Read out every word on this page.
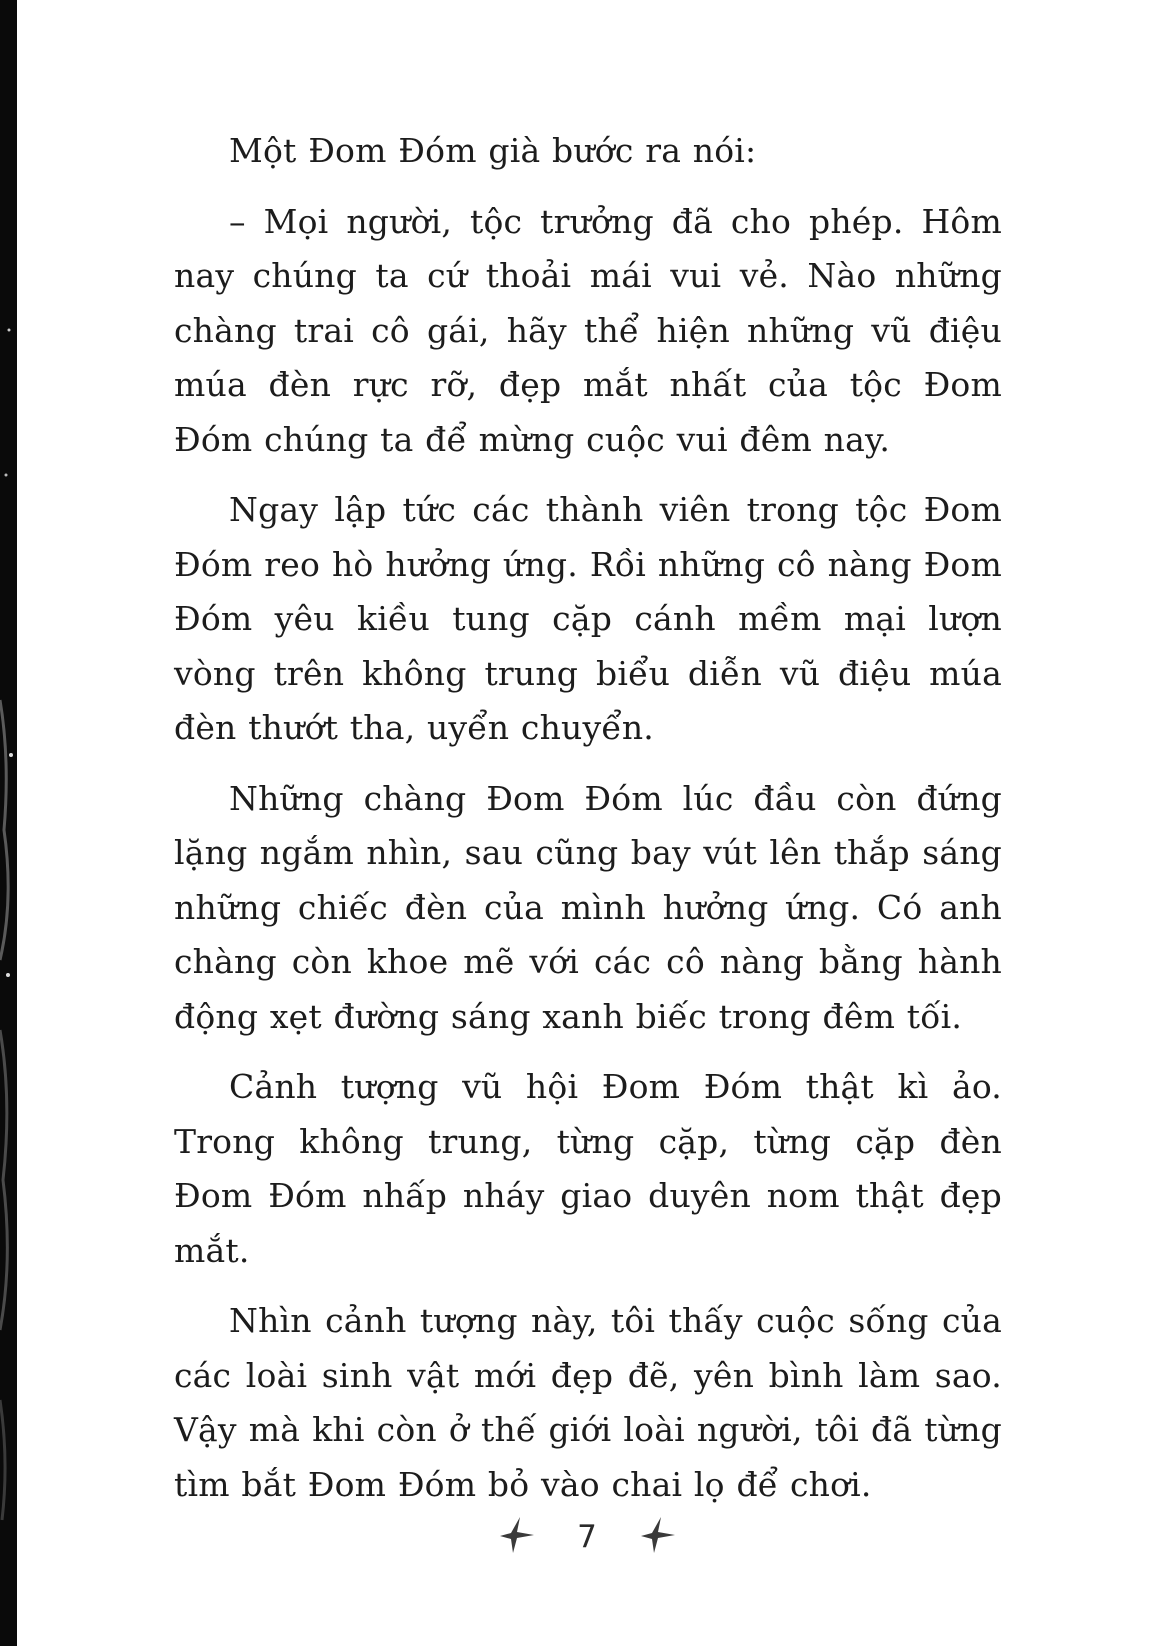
Một Đom Đóm già bước ra nói:

– Mọi người, tộc trưởng đã cho phép. Hôm nay chúng ta cứ thoải mái vui vẻ. Nào những chàng trai cô gái, hãy thể hiện những vũ điệu múa đèn rực rỡ, đẹp mắt nhất của tộc Đom Đóm chúng ta để mừng cuộc vui đêm nay.

Ngay lập tức các thành viên trong tộc Đom Đóm reo hò hưởng ứng. Rồi những cô nàng Đom Đóm yêu kiều tung cặp cánh mềm mại lượn vòng trên không trung biểu diễn vũ điệu múa đèn thướt tha, uyển chuyển.

Những chàng Đom Đóm lúc đầu còn đứng lặng ngắm nhìn, sau cũng bay vút lên thắp sáng những chiếc đèn của mình hưởng ứng. Có anh chàng còn khoe mẽ với các cô nàng bằng hành động xẹt đường sáng xanh biếc trong đêm tối.

Cảnh tượng vũ hội Đom Đóm thật kì ảo. Trong không trung, từng cặp, từng cặp đèn Đom Đóm nhấp nháy giao duyên nom thật đẹp mắt.

Nhìn cảnh tượng này, tôi thấy cuộc sống của các loài sinh vật mới đẹp đẽ, yên bình làm sao. Vậy mà khi còn ở thế giới loài người, tôi đã từng tìm bắt Đom Đóm bỏ vào chai lọ để chơi.

7
